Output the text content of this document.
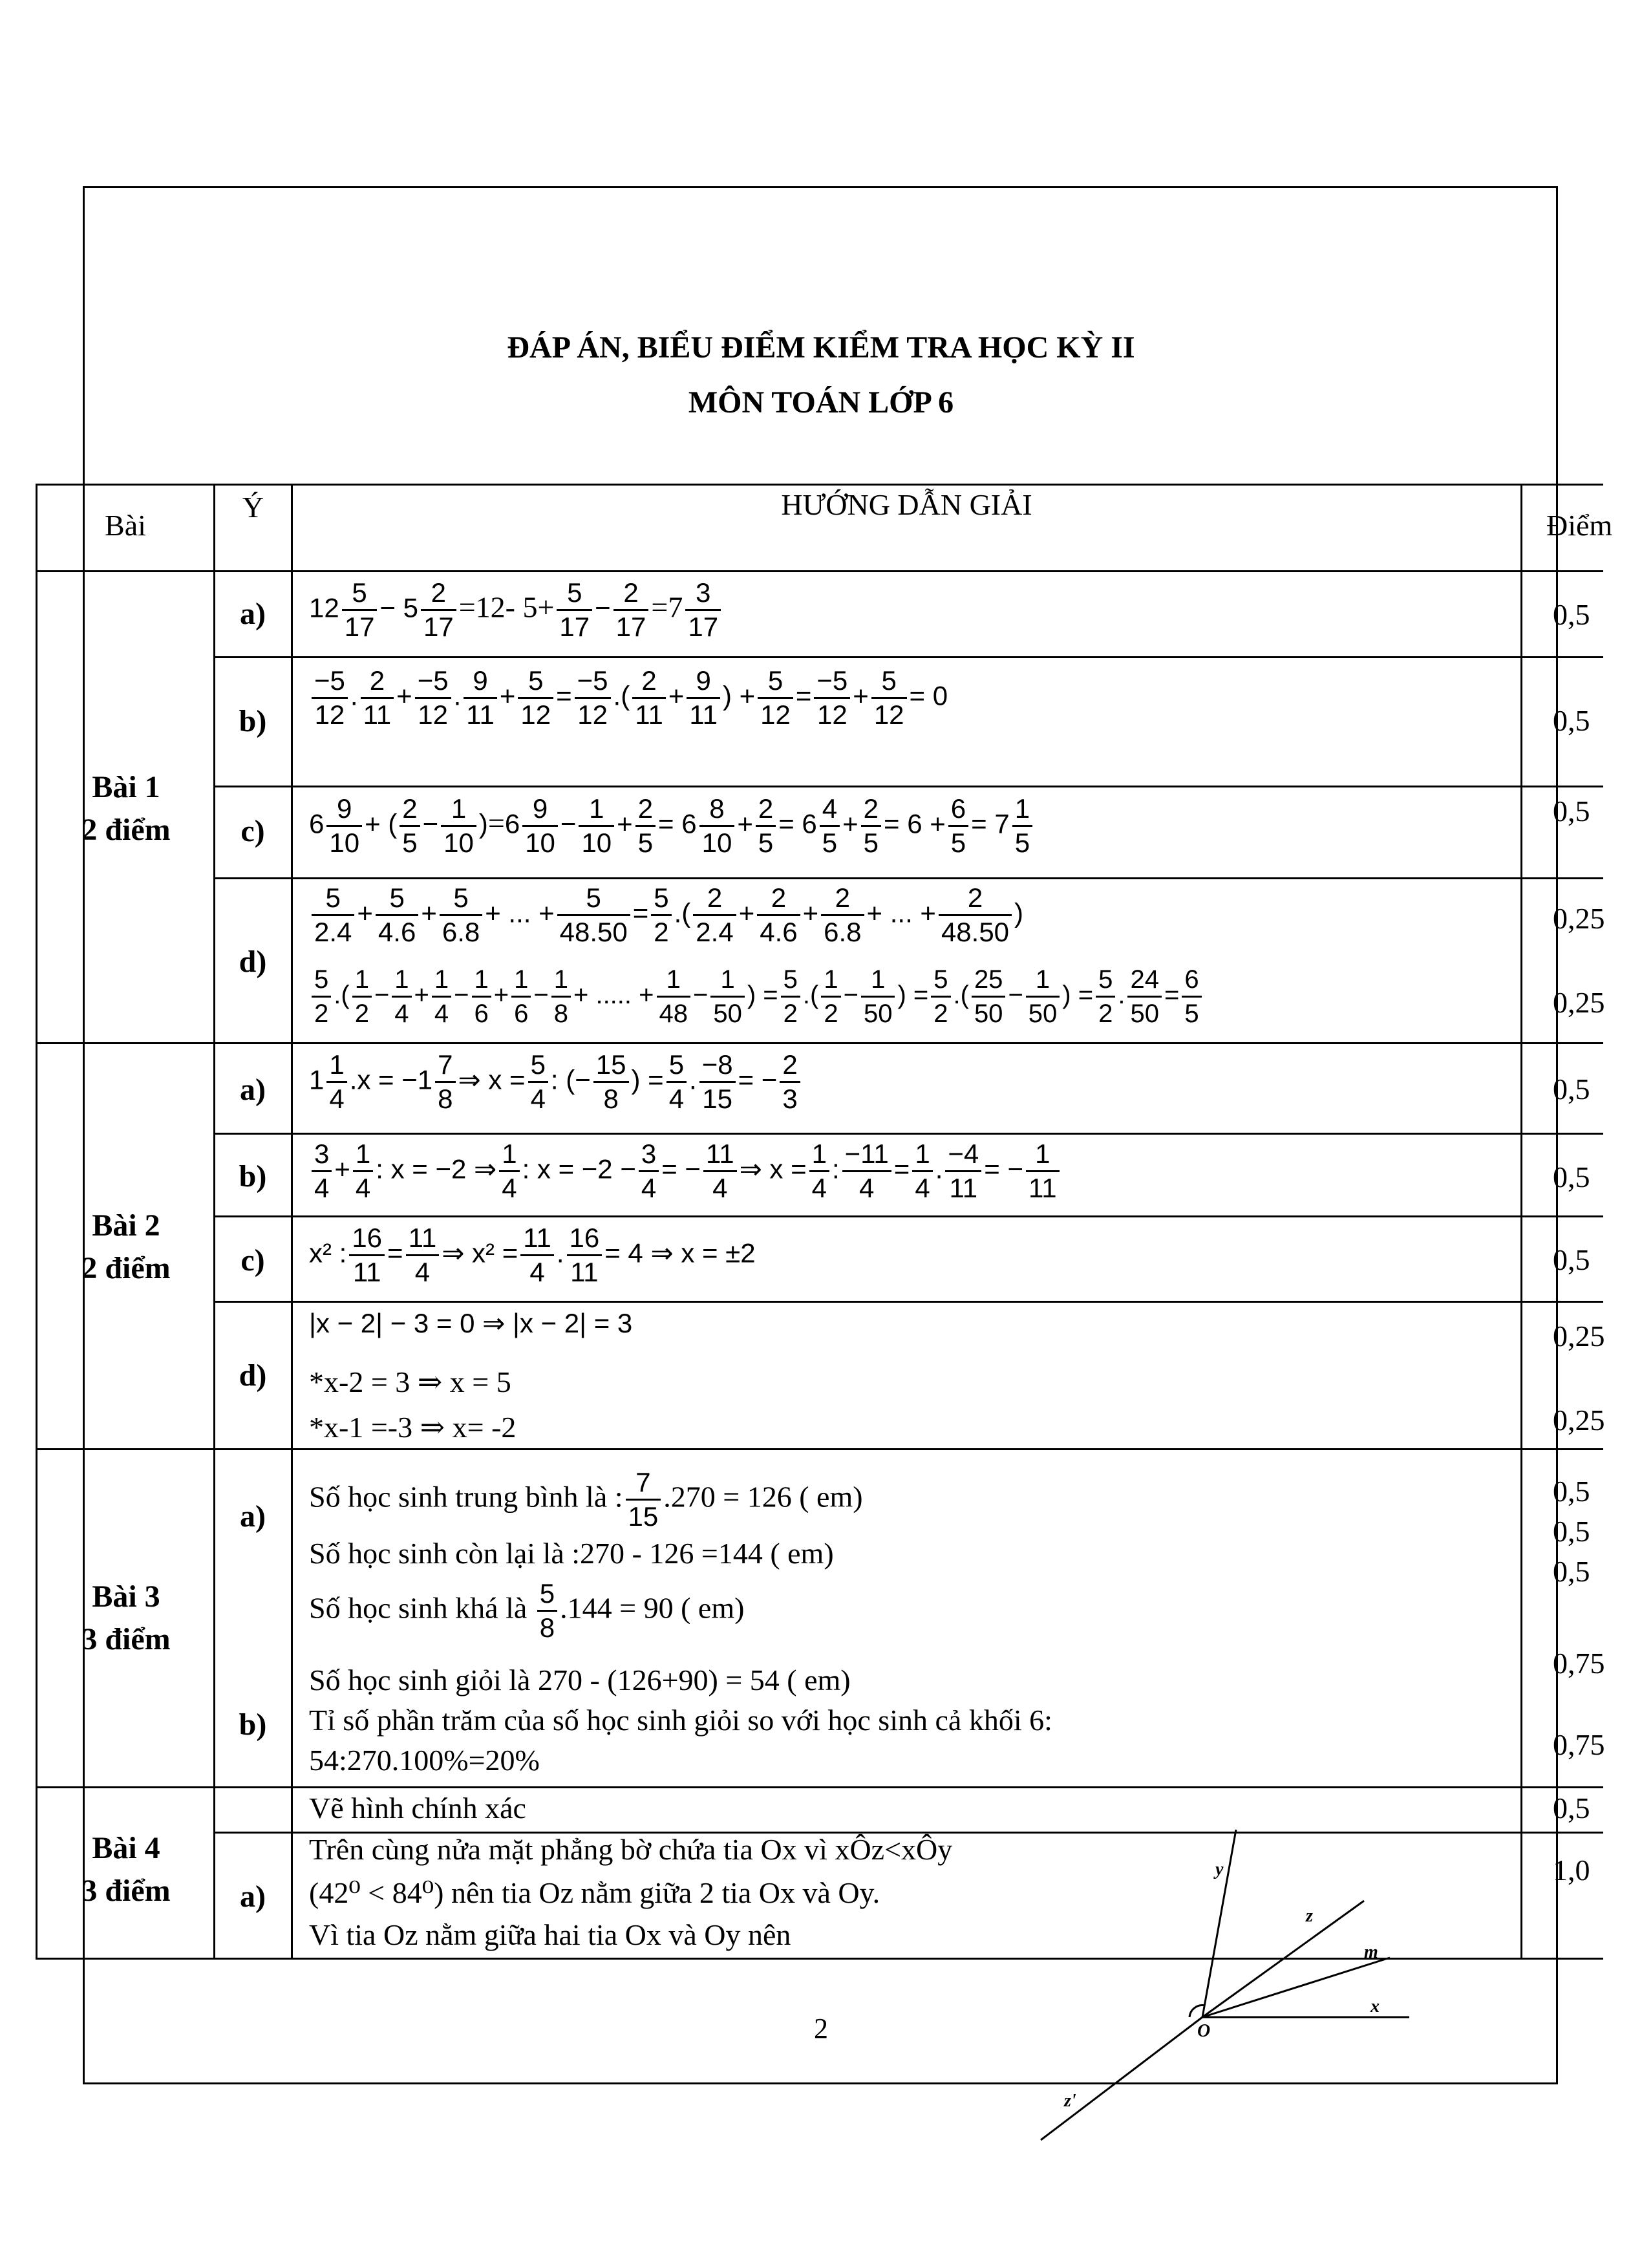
ĐÁP ÁN, BIỂU ĐIỂM KIỂM TRA HỌC KỲ II
MÔN TOÁN LỚP 6
Bài
Ý	HƯỚNG DẪN GIẢI
Điểm
Bài 1
2 điểm
Bài 2
2 điểm
Bài 3
3 điểm
Bài 4
3 điểm
a)
b)
c)
d)
a)
b)
c)
d)
a)
b)
a)
$12 \frac{5}{17} - 5 \frac{2}{17} =12-$ $5+ \frac{5}{17} - \frac{2}{17} =7 \frac{3}{17}$
$\frac{-5}{12}$ . $\frac{2}{11} + \frac{-5}{12}$ . $\frac{9}{11} + \frac{5}{12} = \frac{-5}{12}$ .( $\frac{2}{11} + \frac{9}{11}$ ) + $\frac{5}{12} = \frac{-5}{12} + \frac{5}{12} = 0$
$6 \frac{9}{10}$ + ( $\frac{2}{5} - \frac{1}{10} )=6 \frac{9}{10} - \frac{1}{10} + \frac{2}{5} = 6 \frac{8}{10} + \frac{2}{5} = 6 \frac{4}{5} + \frac{2}{5} = 6 + \frac{6}{5} = 7 \frac{1}{5}$
$\frac{5}{2.4} + \frac{5}{4.6} + \frac{5}{6.8}$ + ... + $\frac{5}{48.50} = \frac{5}{2}$ .( $\frac{2}{2.4} + \frac{2}{4.6} + \frac{2}{6.8}$ + ... + $\frac{2}{48.50}$ )
$\frac{5}{2}$ .( $\frac{1}{2} - \frac{1}{4} + \frac{1}{4} - \frac{1}{6} + \frac{1}{6} - \frac{1}{8}$ + ..... + $\frac{1}{48} - \frac{1}{50}$ ) = $\frac{5}{2}$ .( $\frac{1}{2} - \frac{1}{50}$ ) = $\frac{5}{2}$ .( $\frac{25}{50} - \frac{1}{50}$ ) = $\frac{5}{2}$ . $\frac{24}{50} = \frac{6}{5}$
$1 \frac{1}{4} .x = -1 \frac{7}{8}$ ⇒ $x = \frac{5}{4}$ : (− $\frac{15}{8}$ ) = $\frac{5}{4}$ . $\frac{-8}{15}$ = − $\frac{2}{3}$
$\frac{3}{4} + \frac{1}{4}$ : x = −2 ⇒ $\frac{1}{4}$ : $x = -2 - \frac{3}{4}$ = − $\frac{11}{4}$ ⇒ $x = \frac{1}{4}$ : $\frac{-11}{4} = \frac{1}{4}$ . $\frac{-4}{11}$ = − $\frac{1}{11}$
x² : $\frac{16}{11} = \frac{11}{4}$ ⇒ $x^2 = \frac{11}{4}$ . $\frac{16}{11} = 4$ ⇒ x = ±2
|x − 2| − 3 = 0 ⇒ |x − 2| = 3
*x-2 = 3 ⇒ x = 5
*x-1 =-3 ⇒ x= -2
Số học sinh trung bình là : $\frac{7}{15} .270 = 126$ ( em)
Số học sinh còn lại là :270 - 126 =144 ( em)
Số học sinh khá là $\frac{5}{8} .144 = 90$ ( em)
Số học sinh giỏi là 270 - (126+90) = 54 ( em)
Tỉ số phần trăm của số học sinh giỏi so với học sinh cả khối 6:
54:270.100%=20%
Vẽ hình chính xác
Trên cùng nửa mặt phẳng bờ chứa tia Ox vì xÔz<xÔy
(42⁰ < 84⁰) nên tia Oz nằm giữa 2 tia Ox và Oy.
Vì tia Oz nằm giữa hai tia Ox và Oy nên
0,5
0,5
0,5
0,25
0,25
0,5
0,5
0,5
0,25
0,25
0,5
0,5
0,5
0,75
0,75
0,5
1,0
y
z
m
x
O
z'
2
